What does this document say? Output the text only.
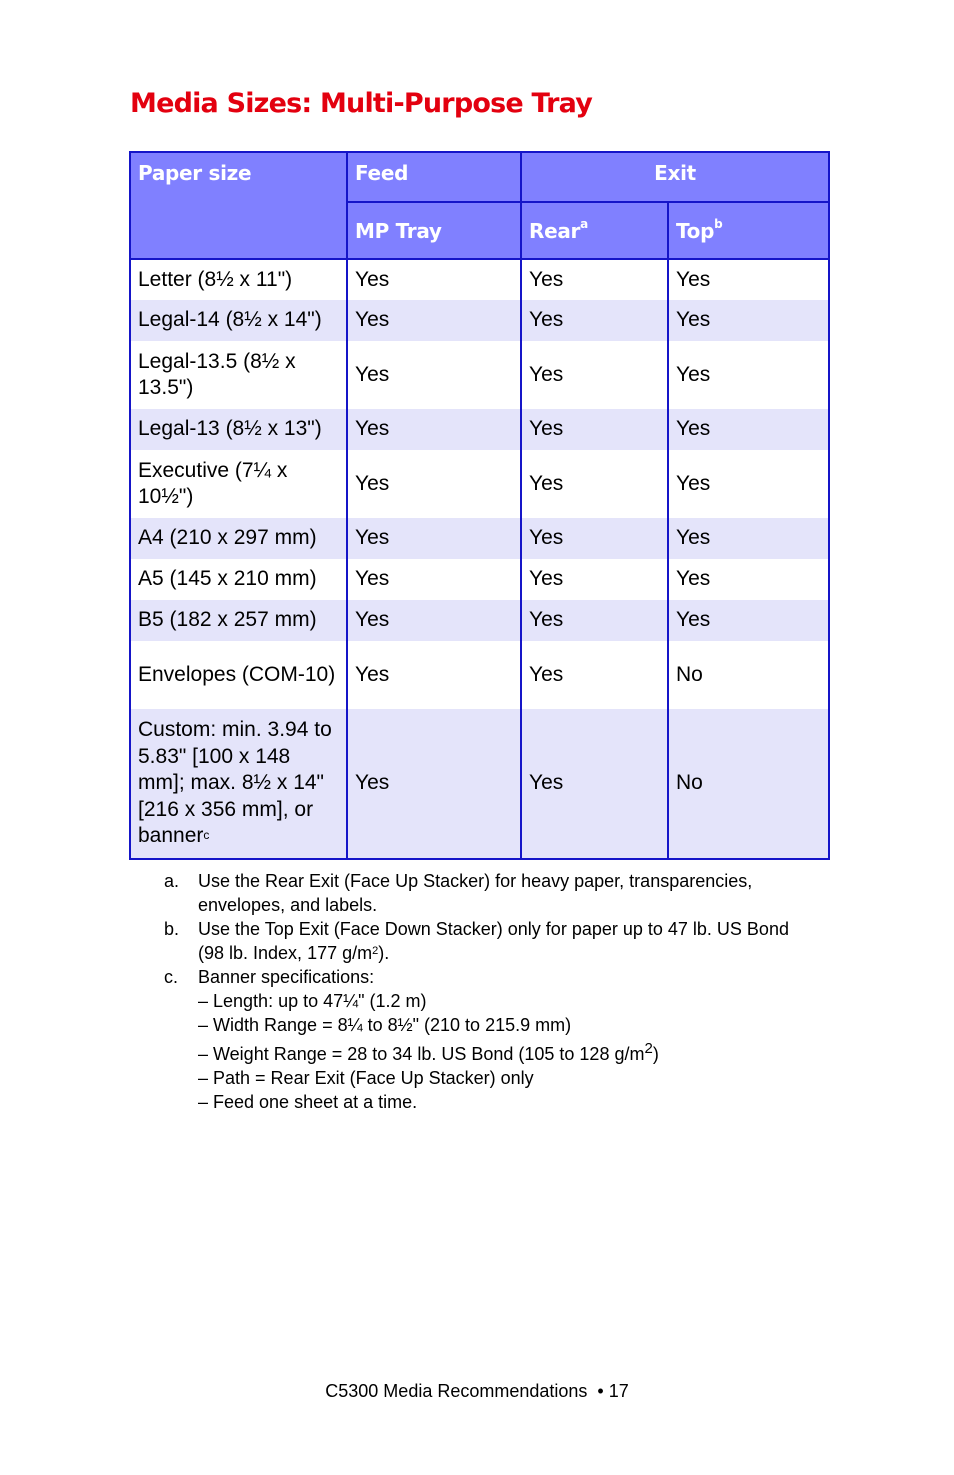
Media Sizes: Multi-Purpose Tray
Paper size	Feed	Exit	
	MP Tray	Rear$^a$	Top$^b$
Letter (8½ x 11")	Yes	Yes	Yes
Legal-14 (8½ x 14")	Yes	Yes	Yes
Legal-13.5 (8½ x 13.5")	Yes	Yes	Yes
Legal-13 (8½ x 13")	Yes	Yes	Yes
Executive (7¼ x 10½")	Yes	Yes	Yes
A4 (210 x 297 mm)	Yes	Yes	Yes
A5 (145 x 210 mm)	Yes	Yes	Yes
B5 (182 x 257 mm)	Yes	Yes	Yes
Envelopes (COM-10)	Yes	Yes	No
Custom: min. 3.94 to 5.83" [100 x 148 mm]; max. 8½ x 14" [216 x 356 mm], or banner$^c$	Yes	Yes	No
a.	Use the Rear Exit (Face Up Stacker) for heavy paper, transparencies, envelopes, and labels.
b.	Use the Top Exit (Face Down Stacker) only for paper up to 47 lb. US Bond (98 lb. Index, 177 $g/m^2$).
c.	Banner specifications:
– Length: up to 47¼" (1.2 m)
– Width Range = 8¼ to 8½" (210 to 215.9 mm)
– Weight Range = 28 to 34 lb. US Bond (105 to 128 $g/m^2$)
– Path = Rear Exit (Face Up Stacker) only
– Feed one sheet at a time.
C5300 Media Recommendations  • 17
